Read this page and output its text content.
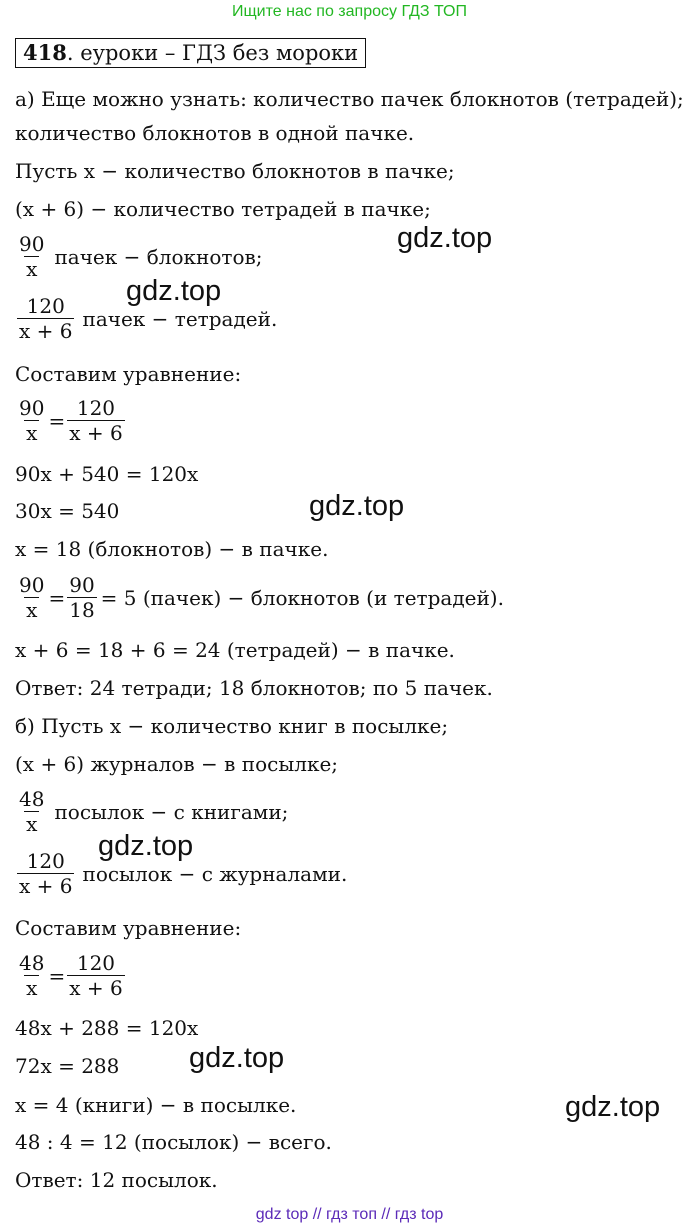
Ищите нас по запросу ГДЗ ТОП
418. еуроки – ГДЗ без мороки
а) Еще можно узнать: количество пачек блокнотов (тетрадей);
количество блокнотов в одной пачке.
Пусть x − количество блокнотов в пачке;
(x + 6) − количество тетрадей в пачке;
$\frac{90}{x}$ пачек − блокнотов;
$\frac{120}{x + 6}$ пачек − тетрадей.
Составим уравнение:
$\frac{90}{x} = \frac{120}{x + 6}$
90x + 540 = 120x
30x = 540
x = 18 (блокнотов) − в пачке.
$\frac{90}{x} = \frac{90}{18} = 5$ (пачек) − блокнотов (и тетрадей).
x + 6 = 18 + 6 = 24 (тетрадей) − в пачке.
Ответ: 24 тетради; 18 блокнотов; по 5 пачек.
б) Пусть x − количество книг в посылке;
(x + 6) журналов − в посылке;
$\frac{48}{x}$ посылок − с книгами;
$\frac{120}{x + 6}$ посылок − с журналами.
Составим уравнение:
$\frac{48}{x} = \frac{120}{x + 6}$
48x + 288 = 120x
72x = 288
x = 4 (книги) − в посылке.
48 : 4 = 12 (посылок) − всего.
Ответ: 12 посылок.
gdz.top
gdz.top
gdz.top
gdz.top
gdz.top
gdz.top
gdz top // гдз топ // гдз top
